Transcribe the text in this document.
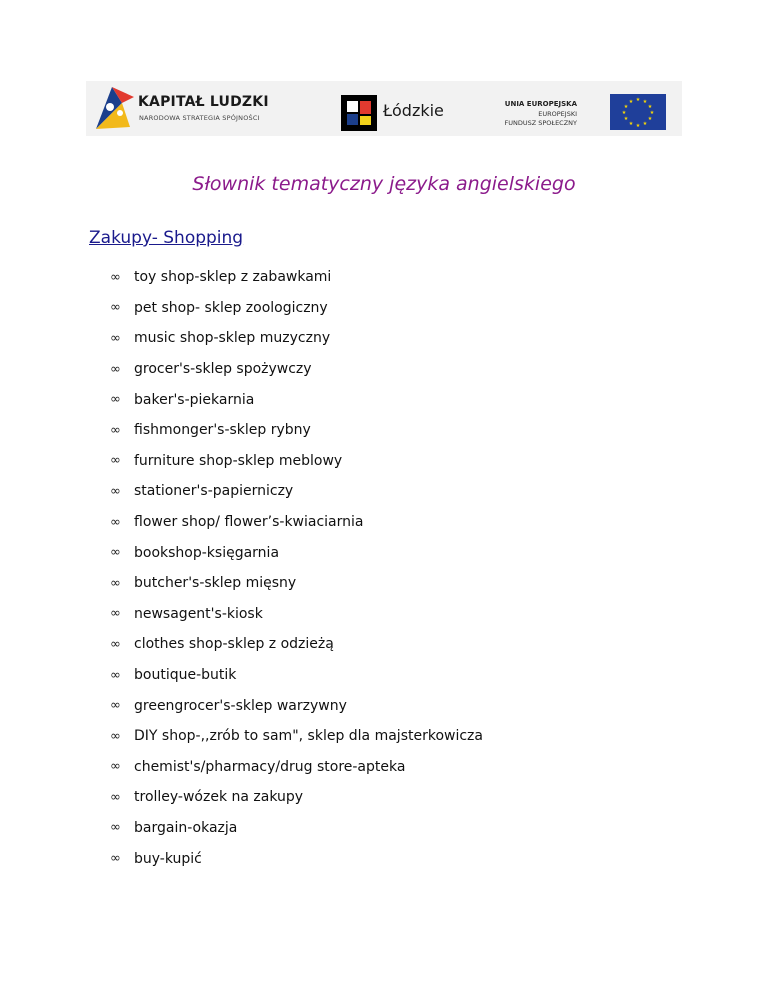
KAPITAŁ LUDZKI
NARODOWA STRATEGIA SPÓJNOŚCI	Łódzkie	UNIA EUROPEJSKA
EUROPEJSKI
FUNDUSZ SPOŁECZNY
★ ★
★
★
★
★
★
★
★
★
★
★
Słownik tematyczny języka angielskiego
Zakupy- Shopping
∞ toy shop-sklep z zabawkami
∞ pet shop- sklep zoologiczny
∞ music shop-sklep muzyczny
∞ grocer's-sklep spożywczy
∞ baker's-piekarnia
∞ fishmonger's-sklep rybny
∞ furniture shop-sklep meblowy
∞ stationer's-papierniczy
∞ flower shop/ flower’s-kwiaciarnia
∞ bookshop-księgarnia
∞ butcher's-sklep mięsny
∞ newsagent's-kiosk
∞ clothes shop-sklep z odzieżą
∞ boutique-butik
∞ greengrocer's-sklep warzywny
∞ DIY shop-,,zrób to sam", sklep dla majsterkowicza
∞ chemist's/pharmacy/drug store-apteka
∞ trolley-wózek na zakupy
∞ bargain-okazja
∞ buy-kupić
